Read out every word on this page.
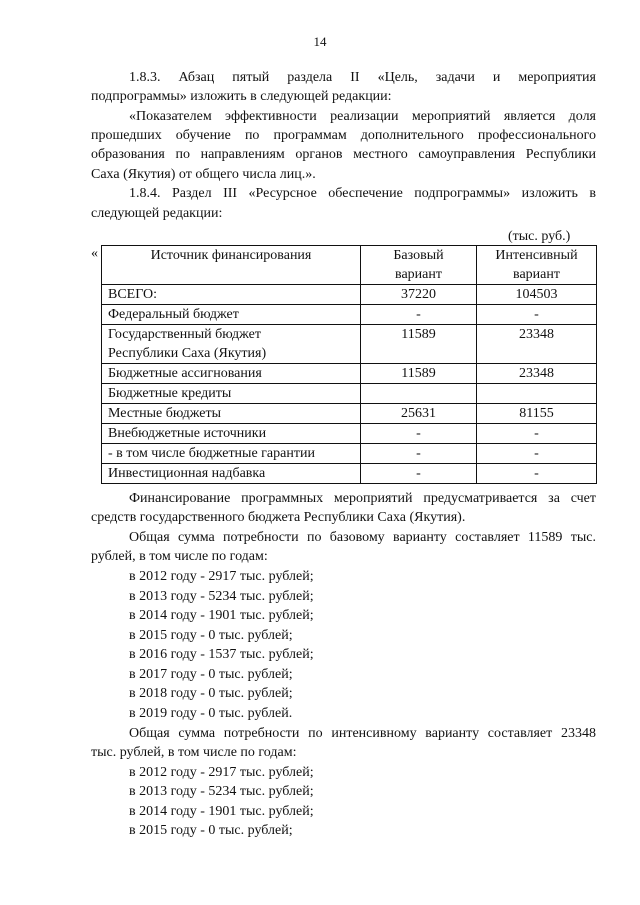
14
1.8.3. Абзац пятый раздела II «Цель, задачи и мероприятия
подпрограммы» изложить в следующей редакции:
«Показателем эффективности реализации мероприятий является доля
прошедших обучение по программам дополнительного профессионального
образования по направлениям органов местного самоуправления Республики
Саха (Якутия) от общего числа лиц.».
1.8.4. Раздел III «Ресурсное обеспечение подпрограммы» изложить в
следующей редакции:
(тыс. руб.)
«	Источник финансирования	Базовый
вариант	Интенсивный
вариант
ВСЕГО:	37220	104503
Федеральный бюджет	-	-
Государственный бюджет
Республики Саха (Якутия)	11589	23348
Бюджетные ассигнования	11589	23348
Бюджетные кредиты		
Местные бюджеты	25631	81155
Внебюджетные источники	-	-
- в том числе бюджетные гарантии	-	-
Инвестиционная надбавка	-	-
Финансирование программных мероприятий предусматривается за счет
средств государственного бюджета Республики Саха (Якутия).
Общая сумма потребности по базовому варианту составляет 11589 тыс.
рублей, в том числе по годам:
в 2012 году - 2917 тыс. рублей;
в 2013 году - 5234 тыс. рублей;
в 2014 году - 1901 тыс. рублей;
в 2015 году - 0 тыс. рублей;
в 2016 году - 1537 тыс. рублей;
в 2017 году - 0 тыс. рублей;
в 2018 году - 0 тыс. рублей;
в 2019 году - 0 тыс. рублей.
Общая сумма потребности по интенсивному варианту составляет 23348
тыс. рублей, в том числе по годам:
в 2012 году - 2917 тыс. рублей;
в 2013 году - 5234 тыс. рублей;
в 2014 году - 1901 тыс. рублей;
в 2015 году - 0 тыс. рублей;
